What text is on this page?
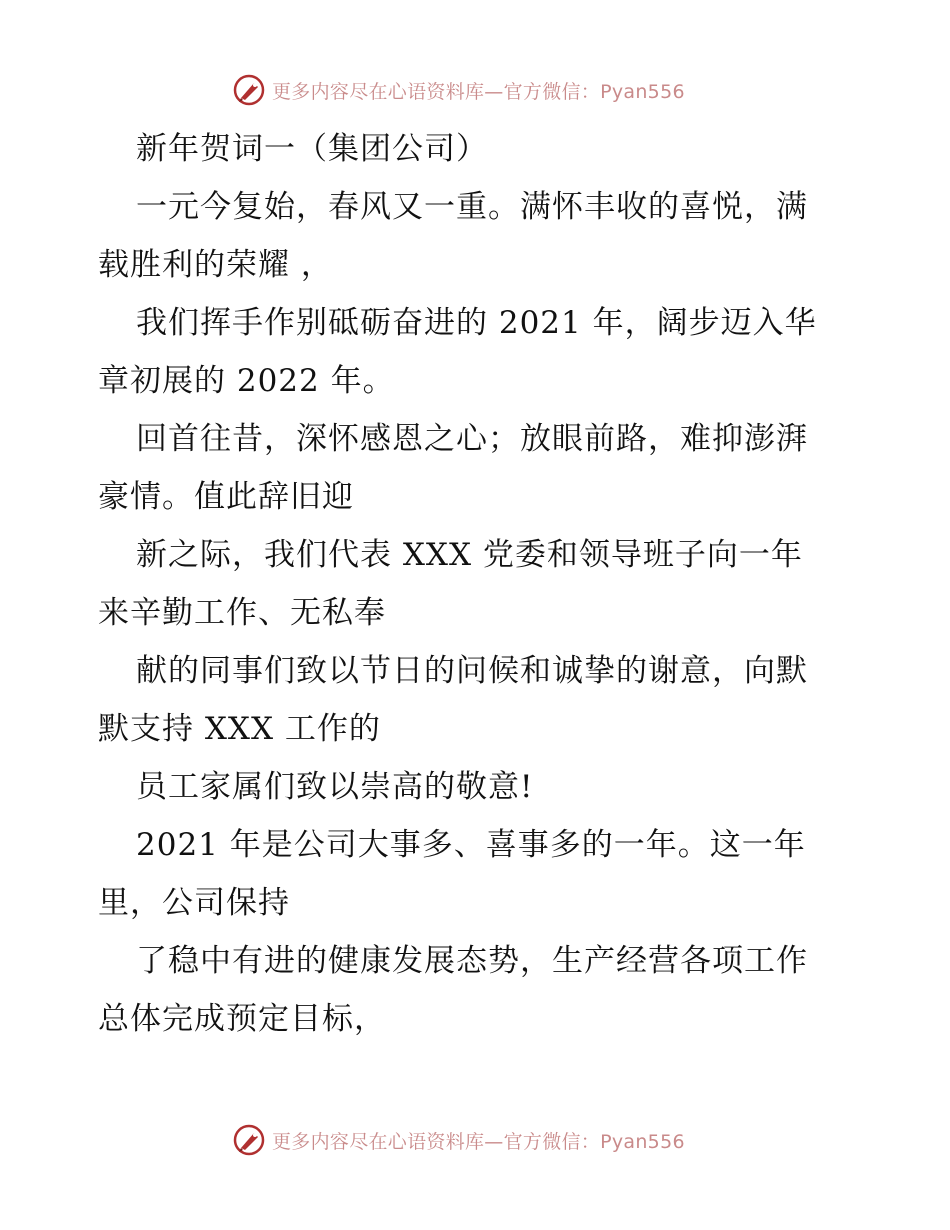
更多内容尽在心语资料库—官方微信：Pyan556
新年贺词一（集团公司）
一元今复始，春风又一重。满怀丰收的喜悦，满
载胜利的荣耀 ，
我们挥手作别砥砺奋进的 2021 年，阔步迈入华
章初展的 2022 年。
回首往昔，深怀感恩之心；放眼前路，难抑澎湃
豪情。值此辞旧迎
新之际，我们代表 XXX 党委和领导班子向一年
来辛勤工作、无私奉
献的同事们致以节日的问候和诚挚的谢意，向默
默支持 XXX 工作的
员工家属们致以崇高的敬意!
2021 年是公司大事多、喜事多的一年。这一年
里，公司保持
了稳中有进的健康发展态势，生产经营各项工作
总体完成预定目标，
更多内容尽在心语资料库—官方微信：Pyan556
